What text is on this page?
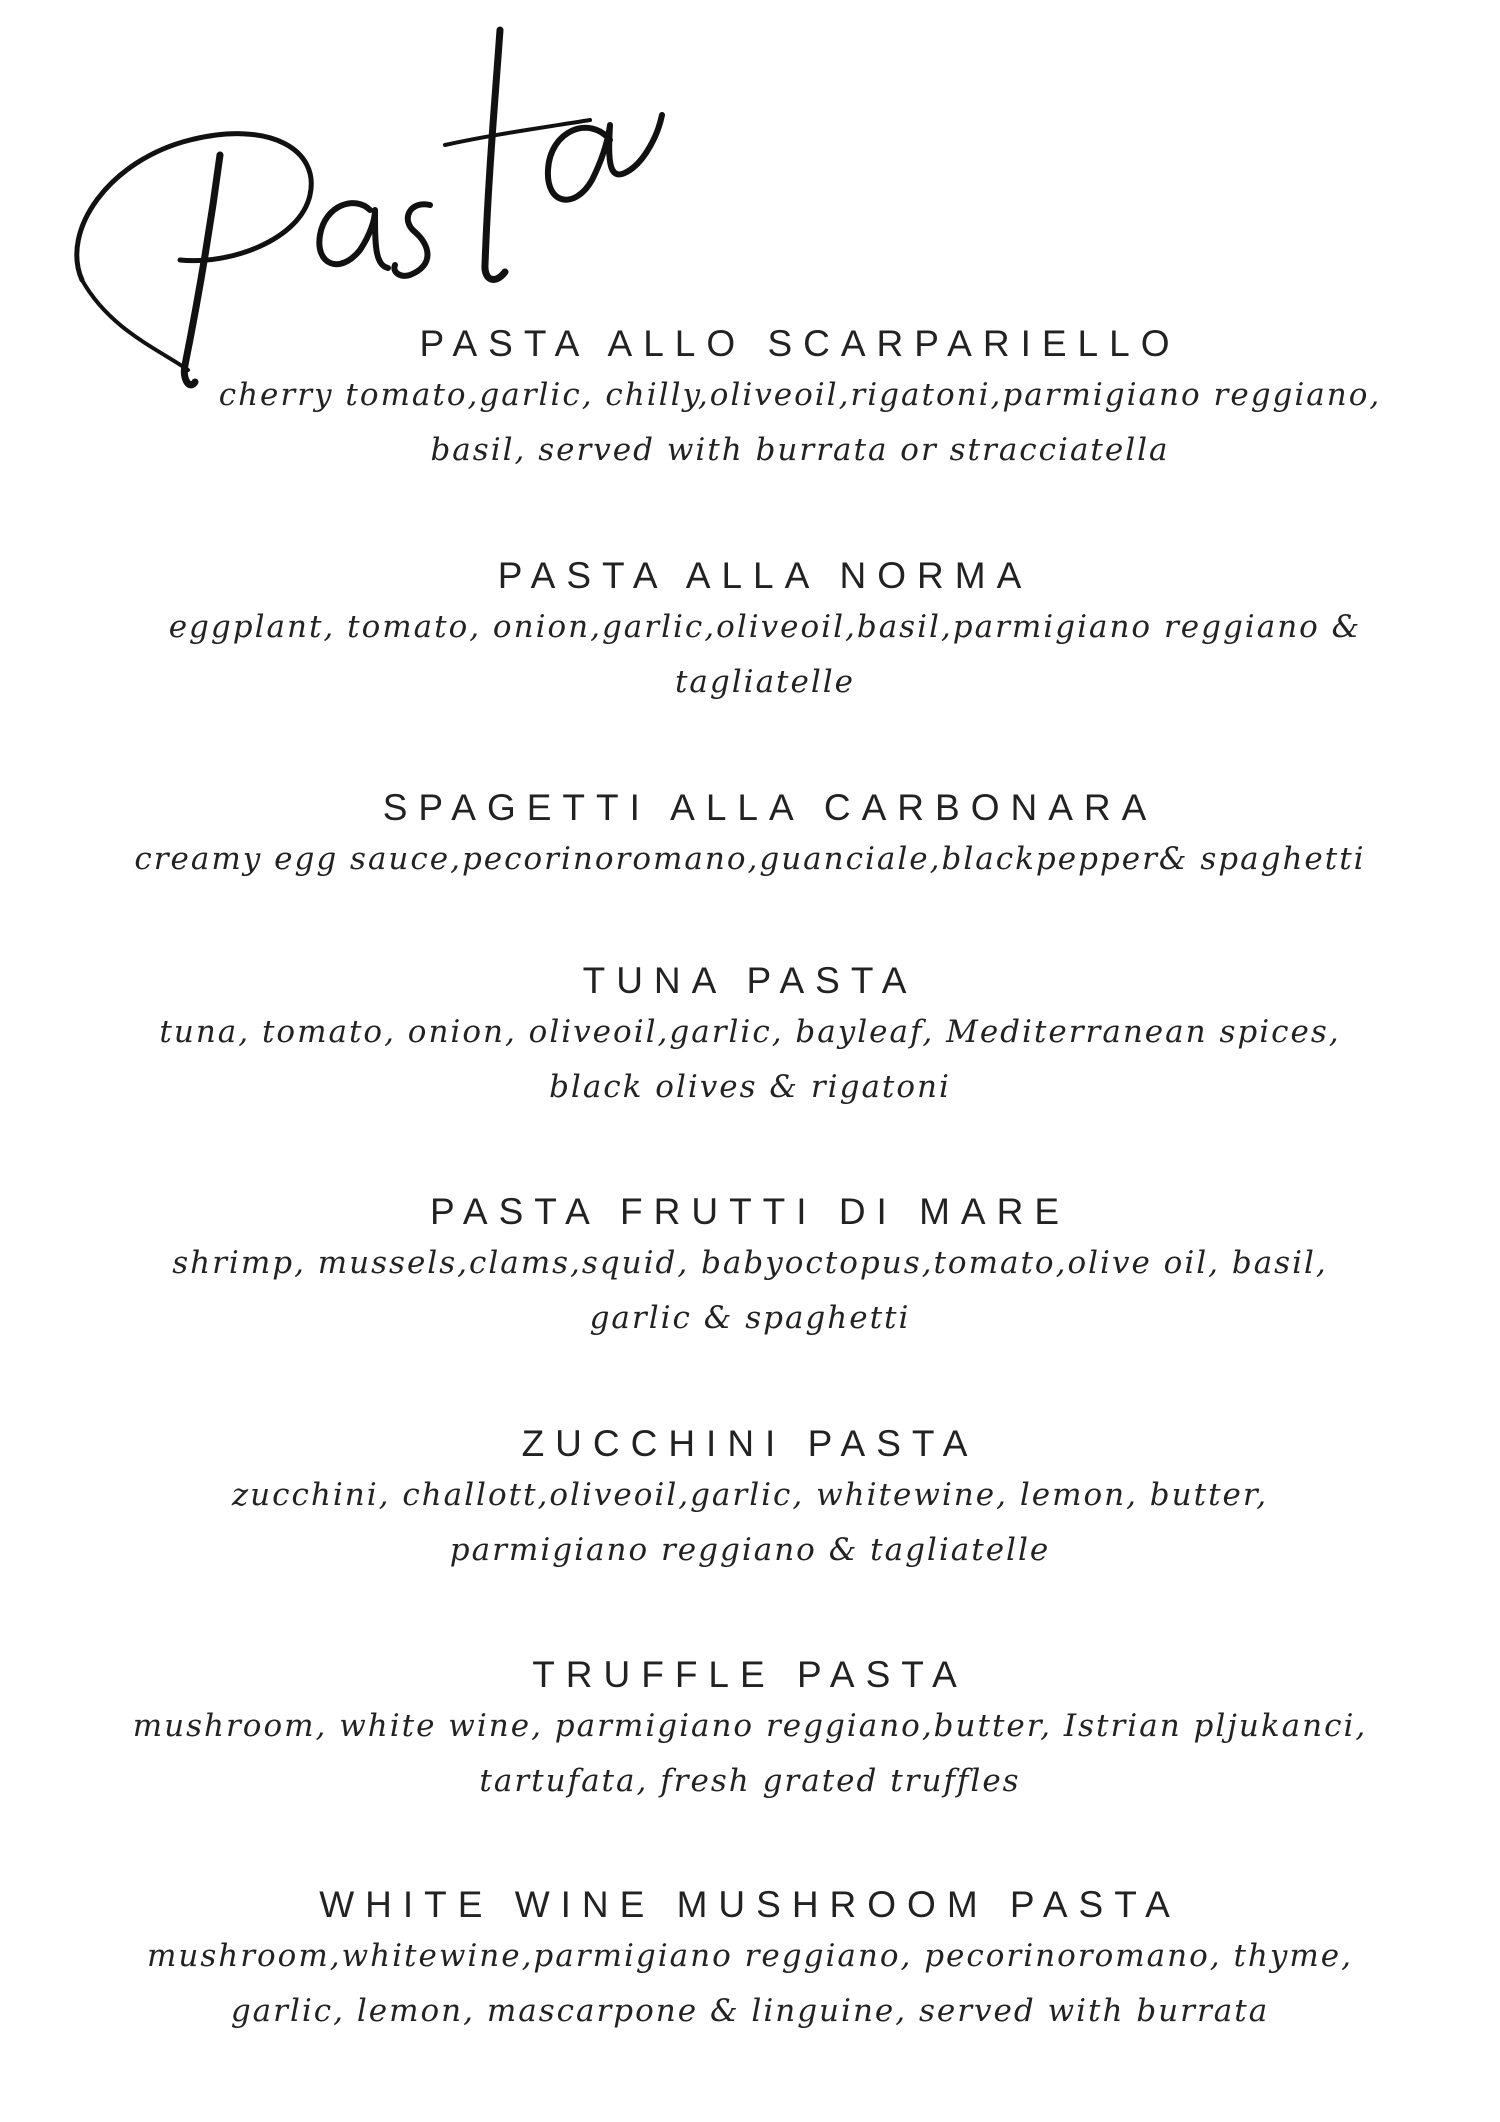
PASTA ALLO SCARPARIELLO

cherry tomato,garlic, chilly,oliveoil,rigatoni,parmigiano reggiano,
basil, served with burrata or stracciatella

PASTA ALLA NORMA

eggplant, tomato, onion,garlic,oliveoil,basil,parmigiano reggiano &
tagliatelle

SPAGETTI ALLA CARBONARA

creamy egg sauce,pecorinoromano,guanciale,blackpepper& spaghetti

TUNA PASTA

tuna, tomato, onion, oliveoil,garlic, bayleaf, Mediterranean spices,
black olives & rigatoni

PASTA FRUTTI DI MARE

shrimp, mussels,clams,squid, babyoctopus,tomato,olive oil, basil,
garlic & spaghetti

ZUCCHINI PASTA

zucchini, challott,oliveoil,garlic, whitewine, lemon, butter,
parmigiano reggiano & tagliatelle

TRUFFLE PASTA

mushroom, white wine, parmigiano reggiano,butter, Istrian pljukanci,
tartufata, fresh grated truffles

WHITE WINE MUSHROOM PASTA

mushroom,whitewine,parmigiano reggiano, pecorinoromano, thyme,
garlic, lemon, mascarpone & linguine, served with burrata
